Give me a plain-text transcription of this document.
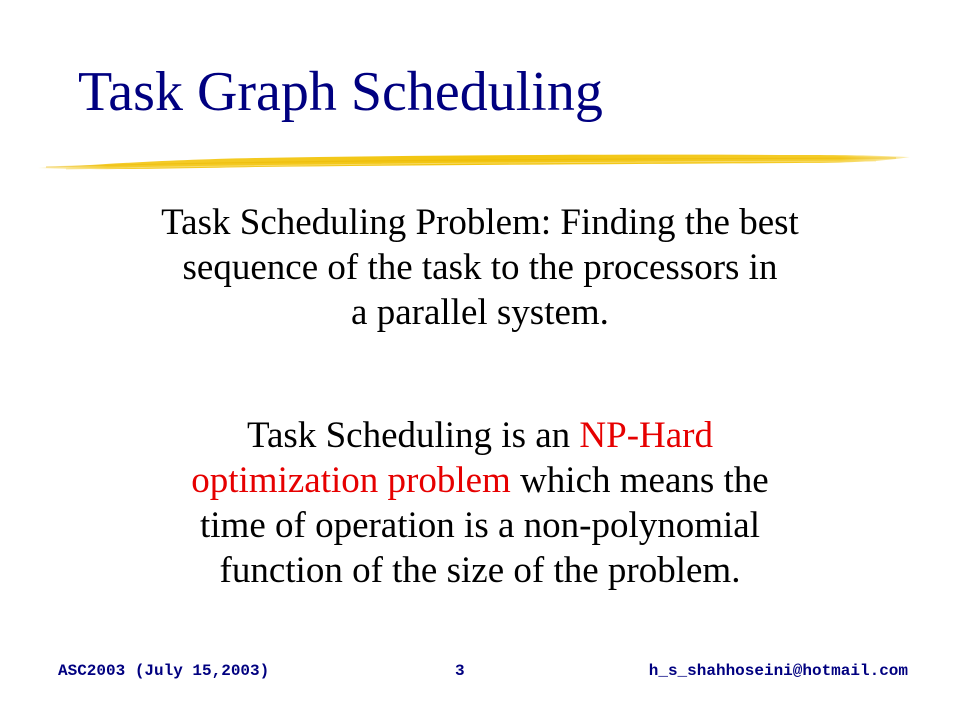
Task Graph Scheduling

Task Scheduling Problem: Finding the best
sequence of the task to the processors in
a parallel system.

Task Scheduling is an NP-Hard
optimization problem which means the
time of operation is a non-polynomial
function of the size of the problem.

ASC2003 (July 15,2003)	3	h_s_shahhoseini@hotmail.com
